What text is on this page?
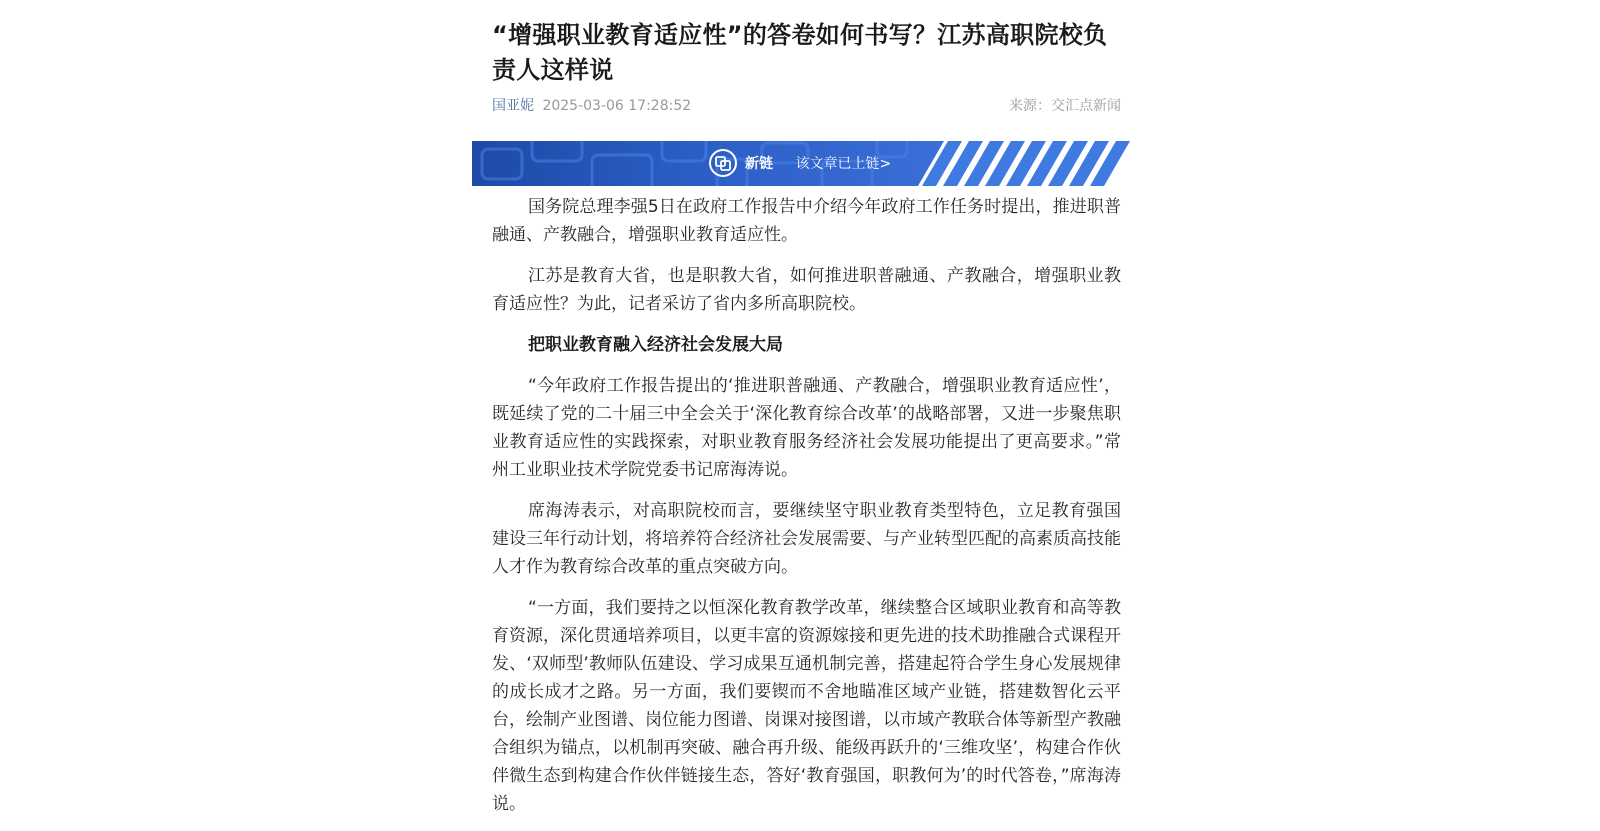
“增强职业教育适应性”的答卷如何书写？江苏高职院校负责人这样说
国亚妮 2025-03-06 17:28:52	来源：交汇点新闻
新链 该文章已上链>

国务院总理李强5日在政府工作报告中介绍今年政府工作任务时提出，推进职普融通、产教融合，增强职业教育适应性。

江苏是教育大省，也是职教大省，如何推进职普融通、产教融合，增强职业教育适应性？为此，记者采访了省内多所高职院校。

把职业教育融入经济社会发展大局

“今年政府工作报告提出的‘推进职普融通、产教融合，增强职业教育适应性’，既延续了党的二十届三中全会关于‘深化教育综合改革’的战略部署，又进一步聚焦职业教育适应性的实践探索，对职业教育服务经济社会发展功能提出了更高要求。”常州工业职业技术学院党委书记席海涛说。

席海涛表示，对高职院校而言，要继续坚守职业教育类型特色，立足教育强国建设三年行动计划，将培养符合经济社会发展需要、与产业转型匹配的高素质高技能人才作为教育综合改革的重点突破方向。

“一方面，我们要持之以恒深化教育教学改革，继续整合区域职业教育和高等教育资源，深化贯通培养项目，以更丰富的资源嫁接和更先进的技术助推融合式课程开发、‘双师型’教师队伍建设、学习成果互通机制完善，搭建起符合学生身心发展规律的成长成才之路。另一方面，我们要锲而不舍地瞄准区域产业链，搭建数智化云平台，绘制产业图谱、岗位能力图谱、岗课对接图谱，以市域产教联合体等新型产教融合组织为锚点，以机制再突破、融合再升级、能级再跃升的‘三维攻坚’，构建合作伙伴微生态到构建合作伙伴链接生态，答好‘教育强国，职教何为’的时代答卷，”席海涛说。
